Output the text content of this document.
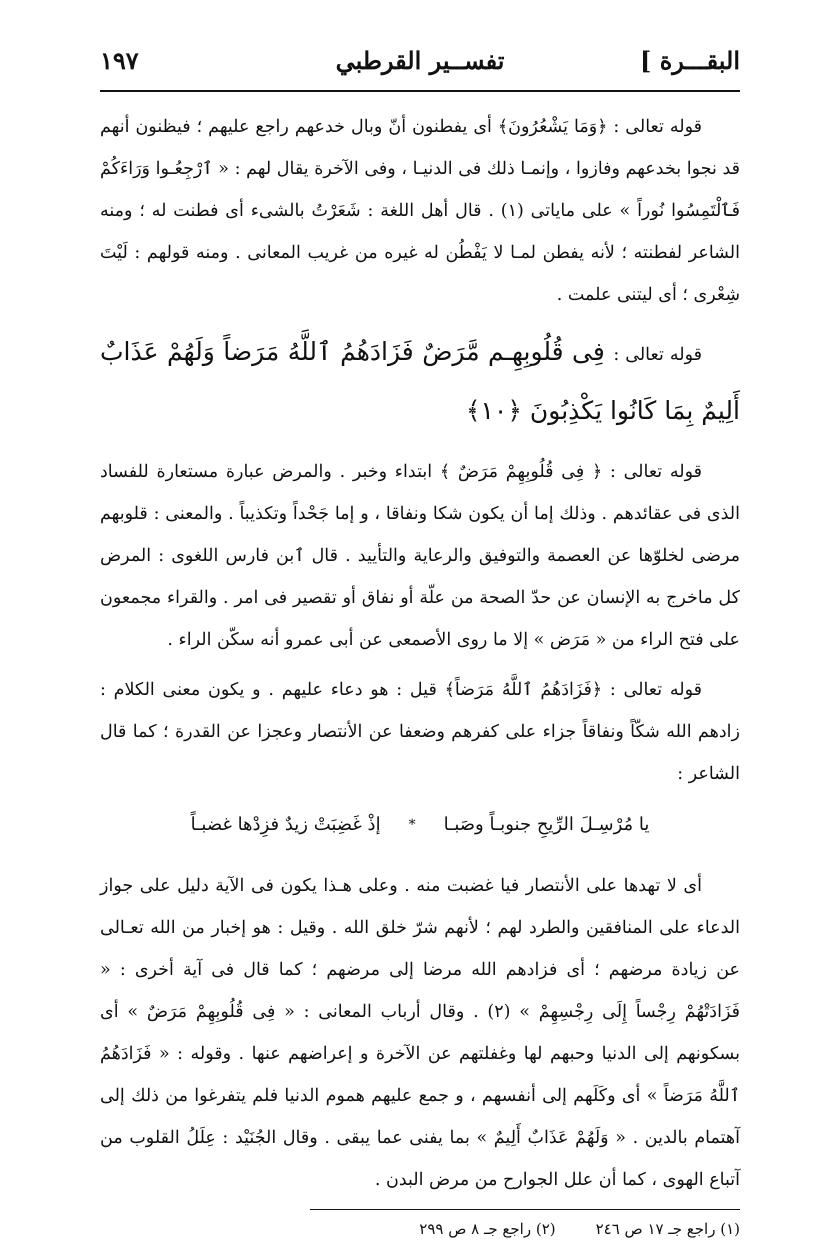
البقـــرة ]
تفســير القرطبي
١٩٧

قوله تعالى : ﴿وَمَا يَشْعُرُونَ﴾ أى يفطنون أنّ وبال خدعهم راجع عليهم ؛ فيظنون أنهم قد نجوا بخدعهم وفازوا ، وإنمـا ذلك فى الدنيـا ، وفى الآخرة يقال لهم : « ٱرْجِعُـوا وَرَاءَكُمْ فَٱلْتَمِسُوا نُوراً » على ماياتى (١) . قال أهل اللغة : شَعَرْتُ بالشىء أى فطنت له ؛ ومنه الشاعر لفطنته ؛ لأنه يفطن لمـا لا يَفْطُن له غيره من غريب المعانى . ومنه قولهم : لَيْتَ شِعْرى ؛ أى ليتنى علمت .

قوله تعالى : فِى قُلُوبِهِـم مَّرَضٌ فَزَادَهُمُ ٱللَّهُ مَرَضاً وَلَهُمْ عَذَابٌ أَلِيمٌ بِمَا كَانُوا يَكْذِبُونَ ﴿١٠﴾

قوله تعالى : ﴿ فِى قُلُوبِهِمْ مَرَضٌ ﴾ ابتداء وخبر . والمرض عبارة مستعارة للفساد الذى فى عقائدهم . وذلك إما أن يكون شكا ونفاقا ، و إما جَحْداً وتكذيباً . والمعنى : قلوبهم مرضى لخلوّها عن العصمة والتوفيق والرعاية والتأييد . قال ٱبن فارس اللغوى : المرض كل ماخرج به الإنسان عن حدّ الصحة من علّة أو نفاق أو تقصير فى امر . والقراء مجمعون على فتح الراء من « مَرَض » إلا ما روى الأصمعى عن أبى عمرو أنه سكّن الراء .

قوله تعالى : ﴿فَزَادَهُمُ ٱللَّهُ مَرَضاً﴾ قيل : هو دعاء عليهم . و يكون معنى الكلام : زادهم الله شكّاً ونفاقاً جزاء على كفرهم وضعفا عن الأنتصار وعجزا عن القدرة ؛ كما قال الشاعر :

يا مُرْسِـلَ الرِّيحِ جنوبـاً وصَبـا
*
إذْ غَضِبَتْ زيدٌ فزِدْها غضبـاً

أى لا تهدها على الأنتصار فيا غضبت منه . وعلى هـذا يكون فى الآية دليل على جواز الدعاء على المنافقين والطرد لهم ؛ لأنهم شرّ خلق الله . وقيل : هو إخبار من الله تعـالى عن زيادة مرضهم ؛ أى فزادهم الله مرضا إلى مرضهم ؛ كما قال فى آية أخرى : « فَزَادَتْهُمْ رِجْساً إِلَى رِجْسِهِمْ » (٢) . وقال أرباب المعانى : « فِى قُلُوبِهِمْ مَرَضٌ » أى بسكونهم إلى الدنيا وحبهم لها وغفلتهم عن الآخرة و إعراضهم عنها . وقوله : « فَزَادَهُمُ ٱللَّهُ مَرَضاً » أى وكَلَهم إلى أنفسهم ، و جمع عليهم هموم الدنيا فلم يتفرغوا من ذلك إلى آهتمام بالدين . « وَلَهُمْ عَذَابٌ أَلِيمٌ » بما يفنى عما يبقى . وقال الجُنَيْد : عِلَلُ القلوب من آتباع الهوى ، كما أن علل الجوارح من مرض البدن .

(١) راجع جـ ١٧ ص ٢٤٦
(٢) راجع جـ ٨ ص ٢٩٩
